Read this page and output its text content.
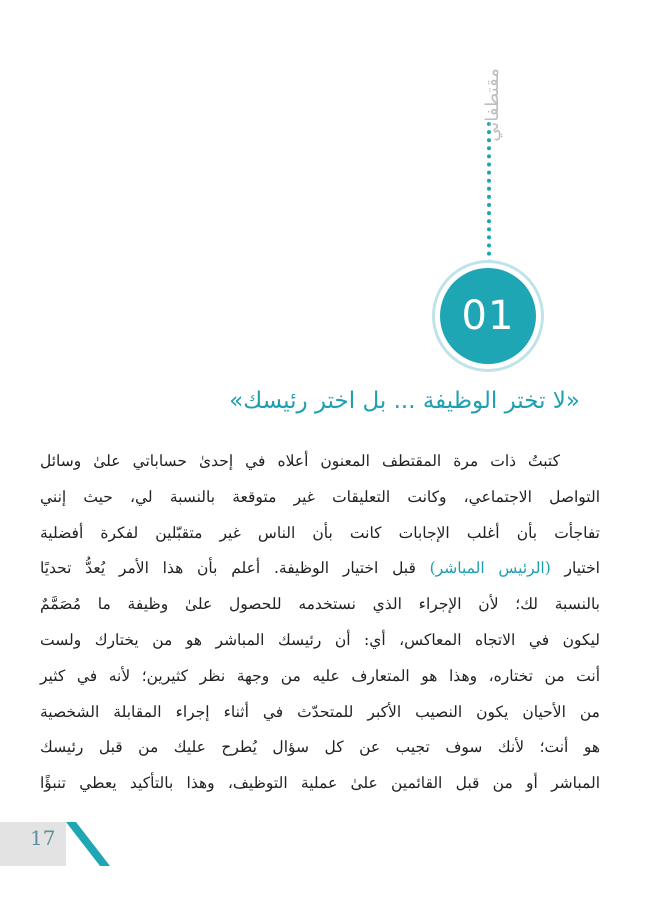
مقتطفاتي
01
«لا تختر الوظيفة ... بل اختر رئيسك»
كتبتُ ذات مرة المقتطف المعنون أعلاه في إحدىٰ حساباتي علىٰ وسائل
التواصل الاجتماعي، وكانت التعليقات غير متوقعة بالنسبة لي، حيث إنني
تفاجأت بأن أغلب الإجابات كانت بأن الناس غير متقبّلين لفكرة أفضلية
اختيار (الرئيس المباشر) قبل اختيار الوظيفة. أعلم بأن هذا الأمر يُعدُّ تحديًا
بالنسبة لك؛ لأن الإجراء الذي نستخدمه للحصول علىٰ وظيفة ما مُصَمَّمٌ
ليكون في الاتجاه المعاكس، أي: أن رئيسك المباشر هو من يختارك ولست
أنت من تختاره، وهذا هو المتعارف عليه من وجهة نظر كثيرين؛ لأنه في كثير
من الأحيان يكون النصيب الأكبر للمتحدّث في أثناء إجراء المقابلة الشخصية
هو أنت؛ لأنك سوف تجيب عن كل سؤال يُطرح عليك من قبل رئيسك
المباشر أو من قبل القائمين علىٰ عملية التوظيف، وهذا بالتأكيد يعطي تنبؤًا
17
